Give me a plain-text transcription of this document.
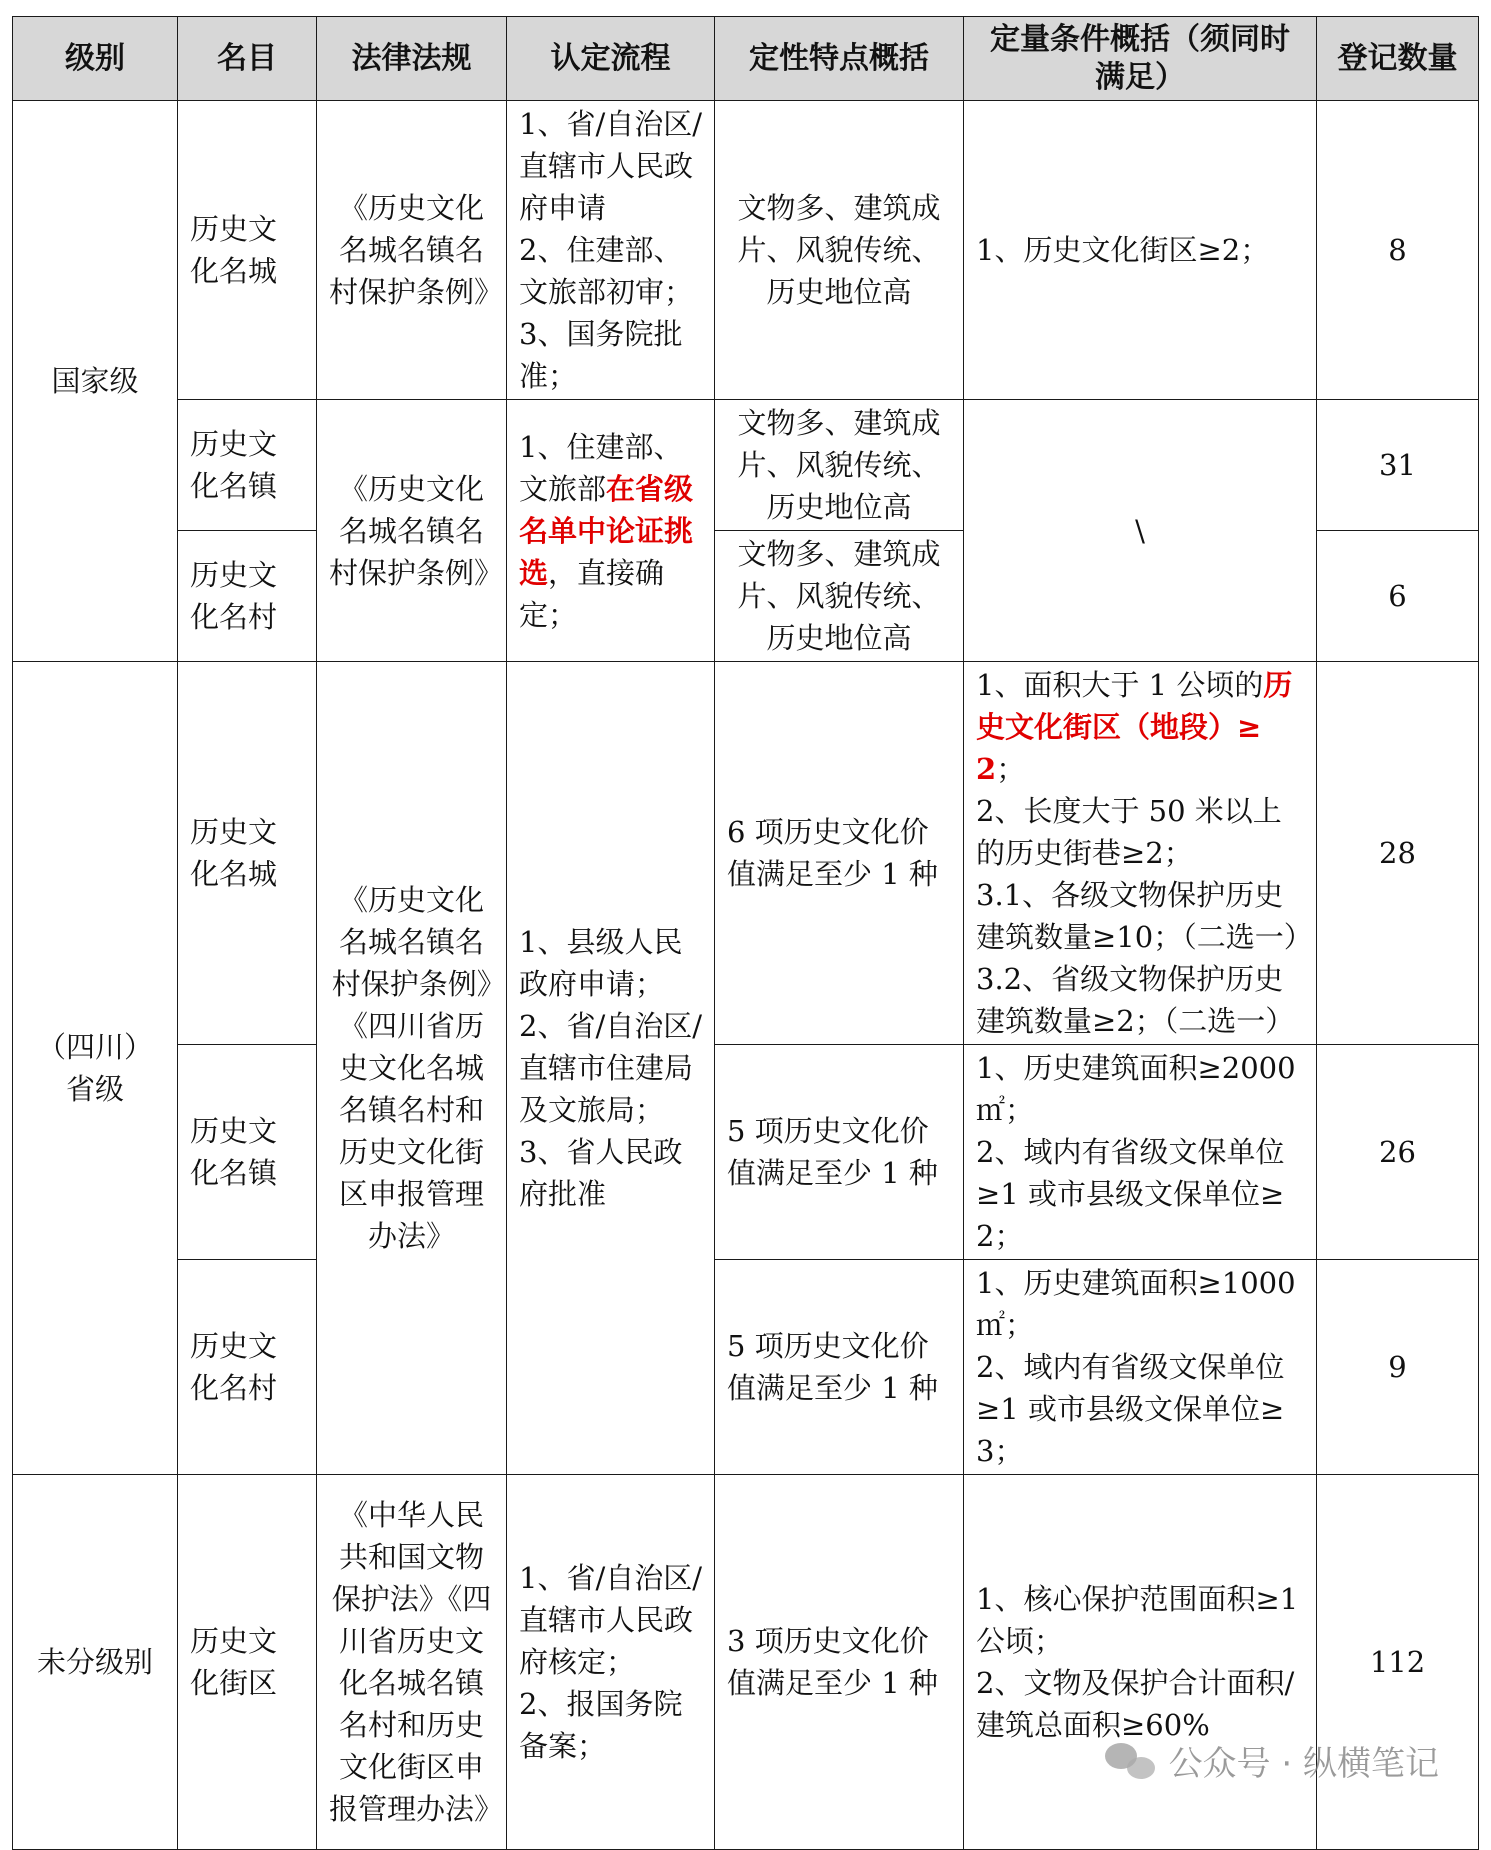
级别	名目	法律法规	认定流程	定性特点概括	定量条件概括（须同时满足）	登记数量
国家级	历史文化名城	《历史文化名城名镇名村保护条例》	1、省/自治区/直辖市人民政府申请
2、住建部、文旅部初审；
3、国务院批准；	文物多、建筑成片、风貌传统、历史地位高	1、历史文化街区≥2；	8
	历史文化名镇	《历史文化名城名镇名村保护条例》	1、住建部、文旅部在省级名单中论证挑选，直接确定；	文物多、建筑成片、风貌传统、历史地位高	\	31
	历史文化名村			文物多、建筑成片、风貌传统、历史地位高		6
（四川）省级	历史文化名城	《历史文化名城名镇名村保护条例》《四川省历史文化名城名镇名村和历史文化街区申报管理办法》	1、县级人民政府申请；
2、省/自治区/直辖市住建局及文旅局；
3、省人民政府批准	6 项历史文化价值满足至少 1 种	1、面积大于 1 公顷的历史文化街区（地段）≥2；
2、长度大于 50 米以上的历史街巷≥2；
3.1、各级文物保护历史建筑数量≥10；（二选一）
3.2、省级文物保护历史建筑数量≥2；（二选一）	28
	历史文化名镇			5 项历史文化价值满足至少 1 种	1、历史建筑面积≥2000㎡；
2、域内有省级文保单位≥1 或市县级文保单位≥2；	26
	历史文化名村			5 项历史文化价值满足至少 1 种	1、历史建筑面积≥1000㎡；
2、域内有省级文保单位≥1 或市县级文保单位≥3；	9
未分级别	历史文化街区	《中华人民共和国文物保护法》《四川省历史文化名城名镇名村和历史文化街区申报管理办法》	1、省/自治区/直辖市人民政府核定；
2、报国务院备案；	3 项历史文化价值满足至少 1 种	1、核心保护范围面积≥1 公顷；
2、文物及保护合计面积/建筑总面积≥60%	112
公众号 · 纵横笔记
